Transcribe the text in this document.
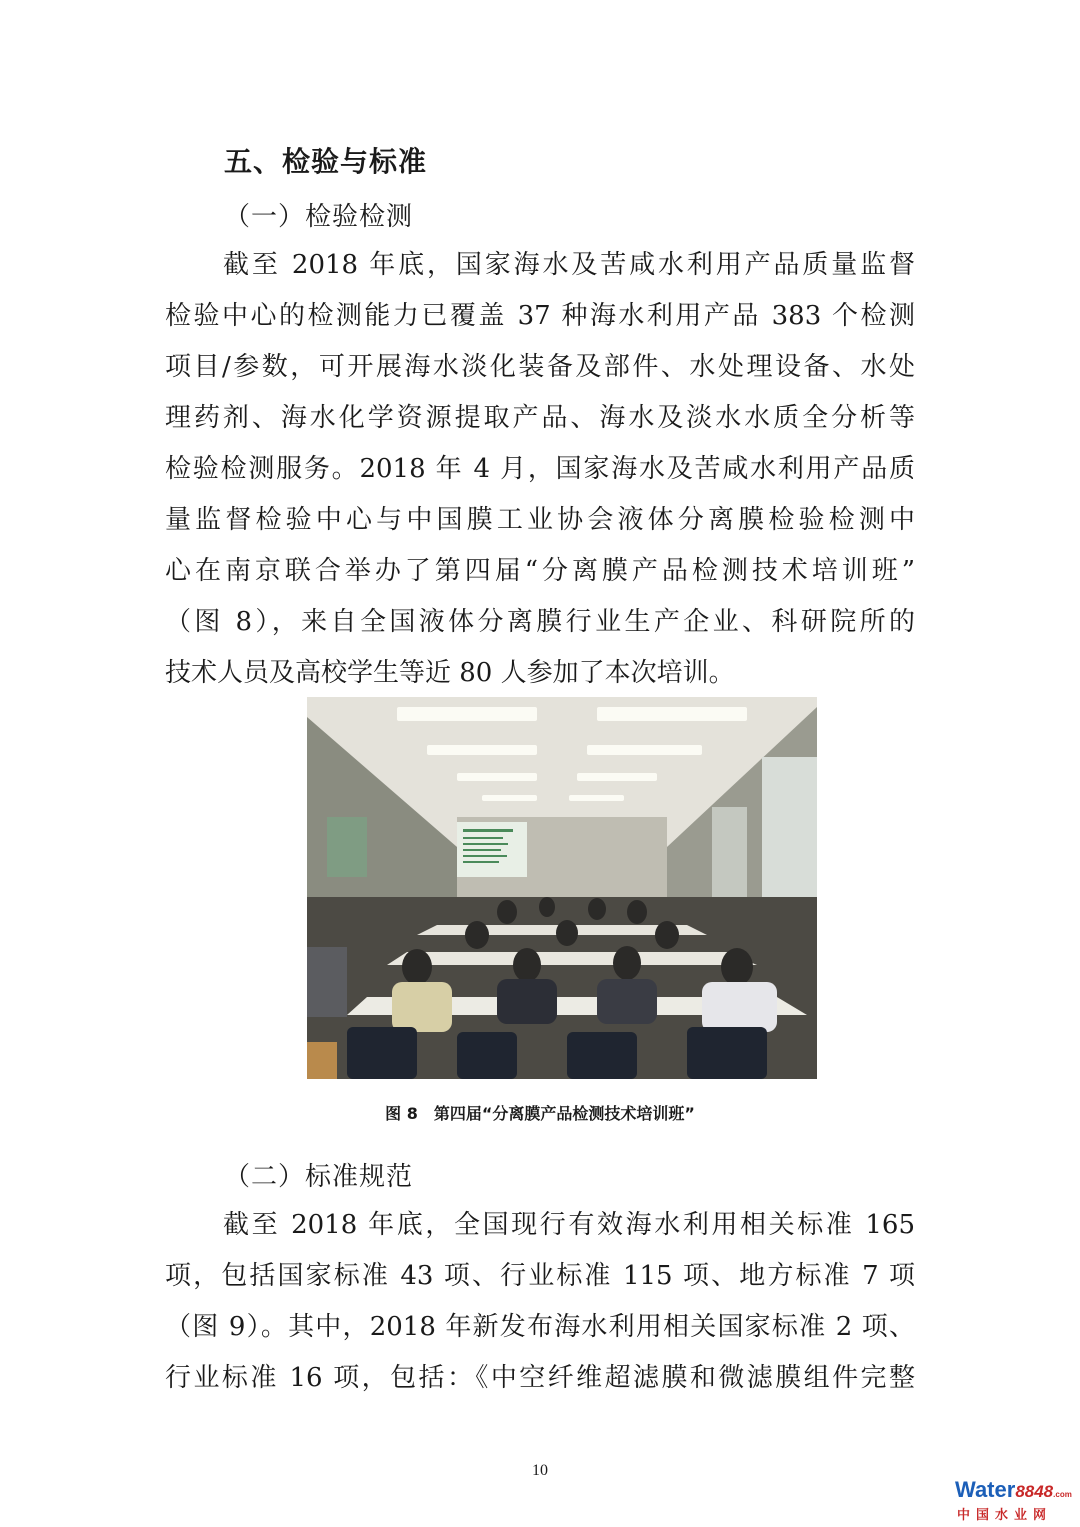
五、检验与标准
（一）检验检测
截至 2018 年底，国家海水及苦咸水利用产品质量监督
检验中心的检测能力已覆盖 37 种海水利用产品 383 个检测
项目/参数，可开展海水淡化装备及部件、水处理设备、水处
理药剂、海水化学资源提取产品、海水及淡水水质全分析等
检验检测服务。2018 年 4 月，国家海水及苦咸水利用产品质
量监督检验中心与中国膜工业协会液体分离膜检验检测中
心在南京联合举办了第四届“分离膜产品检测技术培训班”
（图 8），来自全国液体分离膜行业生产企业、科研院所的
技术人员及高校学生等近 80 人参加了本次培训。
图 8　第四届“分离膜产品检测技术培训班”
（二）标准规范
截至 2018 年底，全国现行有效海水利用相关标准 165
项，包括国家标准 43 项、行业标准 115 项、地方标准 7 项
（图 9）。其中，2018 年新发布海水利用相关国家标准 2 项、
行业标准 16 项，包括：《中空纤维超滤膜和微滤膜组件完整
10
Water8848.com
中国水业网
